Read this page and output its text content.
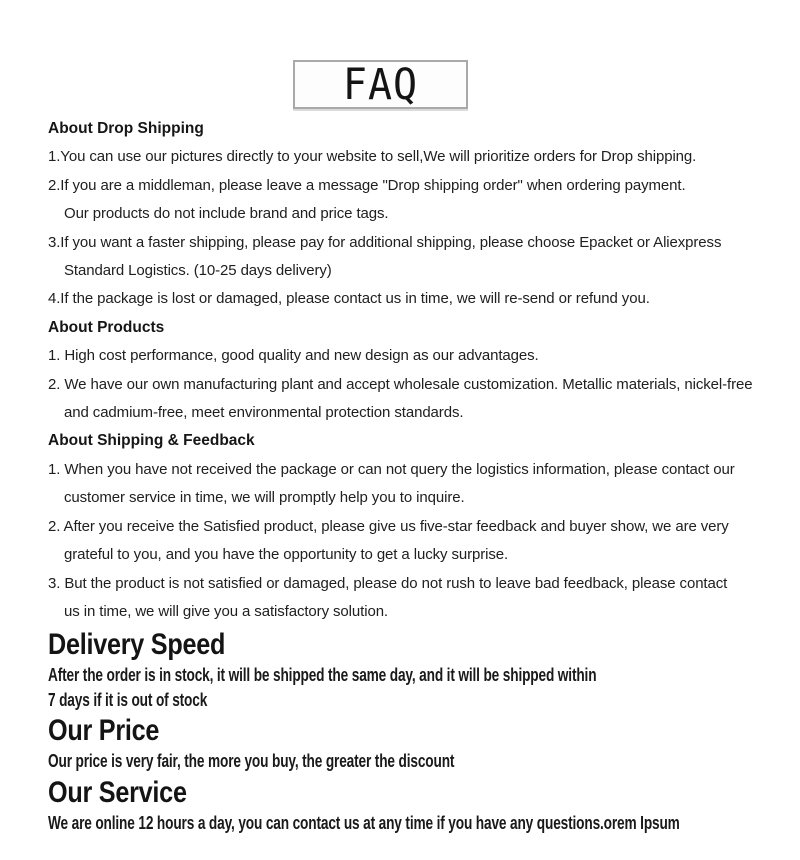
FAQ
About Drop Shipping

1.You can use our pictures directly to your website to sell,We will prioritize orders for Drop shipping.

2.If you are a middleman, please leave a message "Drop shipping order" when ordering payment.

Our products do not include brand and price tags.

3.If you want a faster shipping, please pay for additional shipping, please choose Epacket or Aliexpress

Standard Logistics. (10-25 days delivery)

4.If the package is lost or damaged, please contact us in time, we will re-send or refund you.

About Products

1. High cost performance, good quality and new design as our advantages.

2. We have our own manufacturing plant and accept wholesale customization. Metallic materials, nickel-free

and cadmium-free, meet environmental protection standards.

About Shipping & Feedback

1. When you have not received the package or can not query the logistics information, please contact our

customer service in time, we will promptly help you to inquire.

2. After you receive the Satisfied product, please give us five-star feedback and buyer show, we are very

grateful to you, and you have the opportunity to get a lucky surprise.

3. But the product is not satisfied or damaged, please do not rush to leave bad feedback, please contact

us in time, we will give you a satisfactory solution.

Delivery Speed

After the order is in stock, it will be shipped the same day, and it will be shipped within

7 days if it is out of stock

Our Price

Our price is very fair, the more you buy, the greater the discount

Our Service

We are online 12 hours a day, you can contact us at any time if you have any questions.orem Ipsum
